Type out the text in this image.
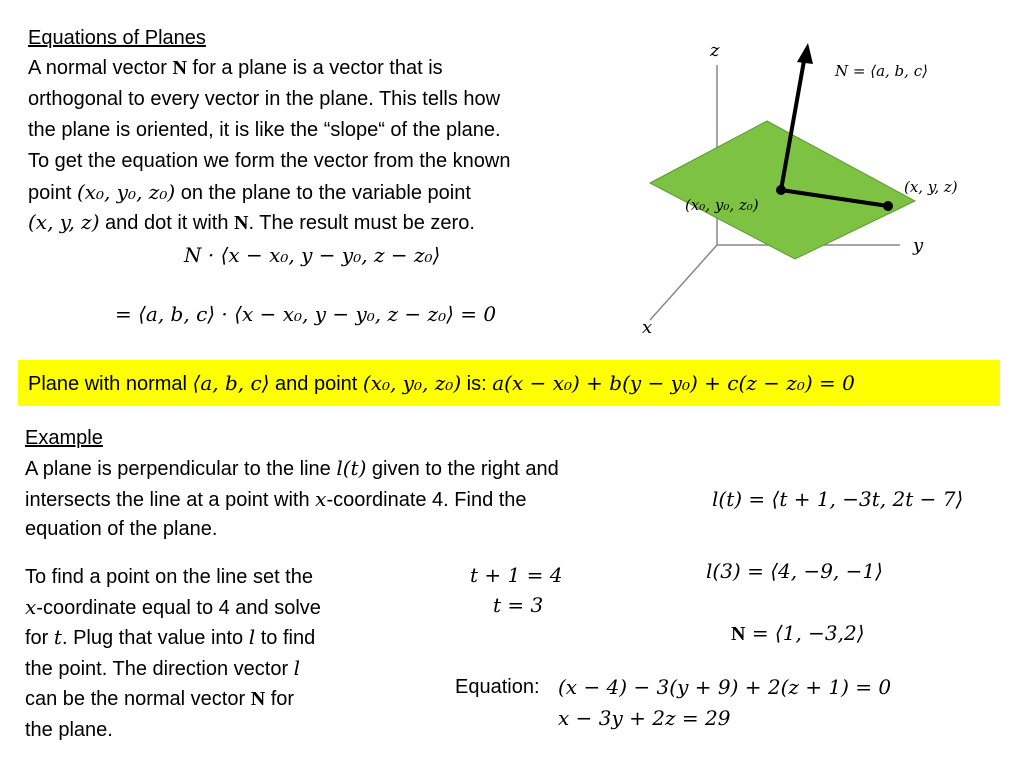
Equations of Planes
A normal vector N for a plane is a vector that is
orthogonal to every vector in the plane. This tells how
the plane is oriented, it is like the “slope“ of the plane.
To get the equation we form the vector from the known
point (x₀, y₀, z₀) on the plane to the variable point
(x, y, z) and dot it with N. The result must be zero.
N · ⟨x − x₀, y − y₀, z − z₀⟩
= ⟨a, b, c⟩ · ⟨x − x₀, y − y₀, z − z₀⟩ = 0
z
y
x
N = ⟨a, b, c⟩
(x, y, z)
(x₀, y₀, z₀)
Plane with normal ⟨a, b, c⟩ and point (x₀, y₀, z₀) is: a(x − x₀) + b(y − y₀) + c(z − z₀) = 0
Example
A plane is perpendicular to the line l(t) given to the right and
intersects the line at a point with x-coordinate 4. Find the
equation of the plane.
l(t) = ⟨t + 1, −3t, 2t − 7⟩
To find a point on the line set the
x-coordinate equal to 4 and solve
for t. Plug that value into l to find
the point. The direction vector l
can be the normal vector N for
the plane.
t + 1 = 4
t = 3
l(3) = ⟨4, −9, −1⟩
N = ⟨1, −3,2⟩
Equation: (x − 4) − 3(y + 9) + 2(z + 1) = 0
x − 3y + 2z = 29
